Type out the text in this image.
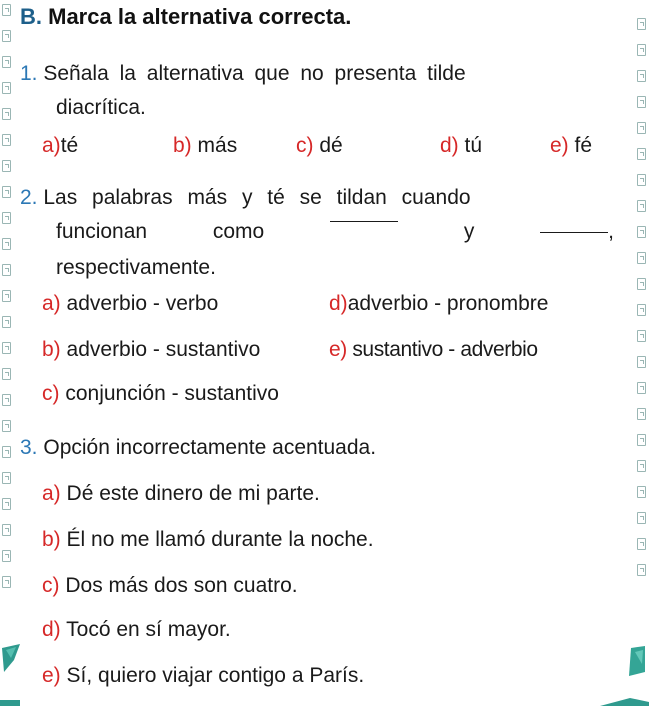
B. Marca la alternativa correcta.
1. Señala la alternativa que no presenta tilde
diacrítica.
a)té	b) más	c) dé	d) tú	e) fé
2. Las palabras más y té se tildan cuando
funcionan	como	y	,
respectivamente.
a) adverbio - verbo	d)adverbio - pronombre
b) adverbio - sustantivo	e) sustantivo - adverbio
c) conjunción - sustantivo
3. Opción incorrectamente acentuada.
a) Dé este dinero de mi parte.
b) Él no me llamó durante la noche.
c) Dos más dos son cuatro.
d) Tocó en sí mayor.
e) Sí, quiero viajar contigo a París.
